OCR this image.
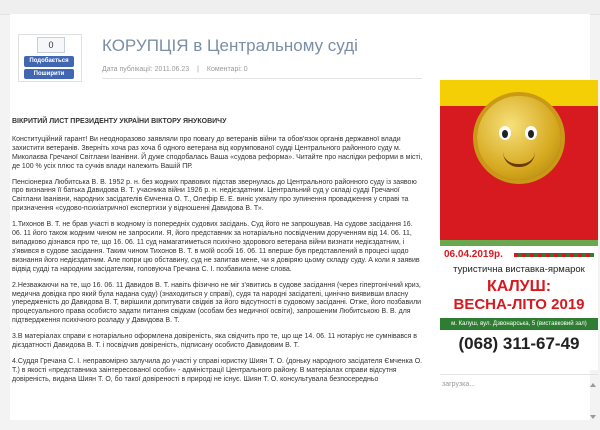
0
Подобається
Поширити
КОРУПЦІЯ в Центральному суді
Дата публікації: 2011.06.23 | Коментарі: 0

ВІКРИТИЙ ЛИСТ ПРЕЗИДЕНТУ УКРАЇНИ ВІКТОРУ ЯНУКОВИЧУ

Конституційний гарант! Ви неодноразово заявляли про повагу до ветеранів війни та обов'язок органів державної влади захистити ветеранів. Зверніть хоча раз хоча б одного ветерана від корумпованої судді Центрального районного суду м. Миколаєва Гречаної Світлани Іванівни. Й дуже сподобалась Ваша «судова реформа». Читайте про наслідки реформи в місті, де 100 % усіх плюс та сучків влади належить Вашій ПР.

Пенсіонерка Любитська В. В. 1952 р. н. без жодних правових підстав звернулась до Центрального районного суду із заявою про визнання її батька Давидова В. Т. учасника війни 1926 р. н. недієздатним. Центральний суд у складі судді Гречаної Світлани Іванівни, народних засідателів Ємченка О. Т., Олефір Е. Е. виніс ухвалу про зупинення провадження у справі та призначення «судово-психіатричної експертизи у відношенні Давидова В. Т».

1.Тихонов В. Т. не брав участі в жодному із попередніх судових засідань. Суд його не запрошував. На судове засідання 16. 06. 11 його також жодним чином не запросили. Я, його представник за нотаріально посвідченим дорученням від 14. 06. 11, випадково дізнався про те, що 16. 06. 11 суд намагатиметься психічно здорового ветерана війни визнати недієздатним, і з'явився в судове засідання. Таким чином Тихонов В. Т. в моїй особі 16. 06. 11 вперше був представлений в процесі щодо визнання його недієздатним. Але попри цю обставину, суд не запитав мене, чи я довіряю цьому складу суду. А коли я заявив відвід судді та народним засідателям, головуюча Гречана С. І. позбавила мене слова.

2.Незважаючи на те, що 16. 06. 11 Давидов В. Т. навіть фізично не міг з'явитись в судове засідання (через гіпертонічний криз, медична довідка про який була надана суду) (знаходиться у справі), судя та народні засідателі, цинічно виявивши власну упередженість до Давидова В. Т, вирішили допитувати свідків за його відсутності в судовому засіданні. Отже, його позбавили процесуального права особисто задати питання свідкам (особам без медичної освіти), запрошеним Любитською В. В. для підтвердження психічного розладу у Давидова В. Т.

3.В матеріалах справи є нотаріально оформлена довіреність, яка свідчить про те, що ще 14. 06. 11 нотаріус не сумнівався в дієздатності Давидова В. Т. і посвідчив довіреність, підписану особисто Давидовим В. Т.

4.Суддя Гречана С. І. неправомірно залучила до участі у справі юристку Шиян Т. О. (доньку народного засідателя Ємченка О. Т.) в якості «представника заінтересованої особи» - адміністрації Центрального району. В матеріалах справи відсутня довіреність, видана Шиян Т. О, бо такої довіреності в природі не існує. Шиян Т. О. консультувала безпосередньо

06.04.2019р.
туристична виставка-ярмарок
КАЛУШ:
ВЕСНА-ЛІТО 2019
м. Калуш, вул. Дзвонарська, 5 (виставковий зал)
(068) 311-67-49
загрузка...
